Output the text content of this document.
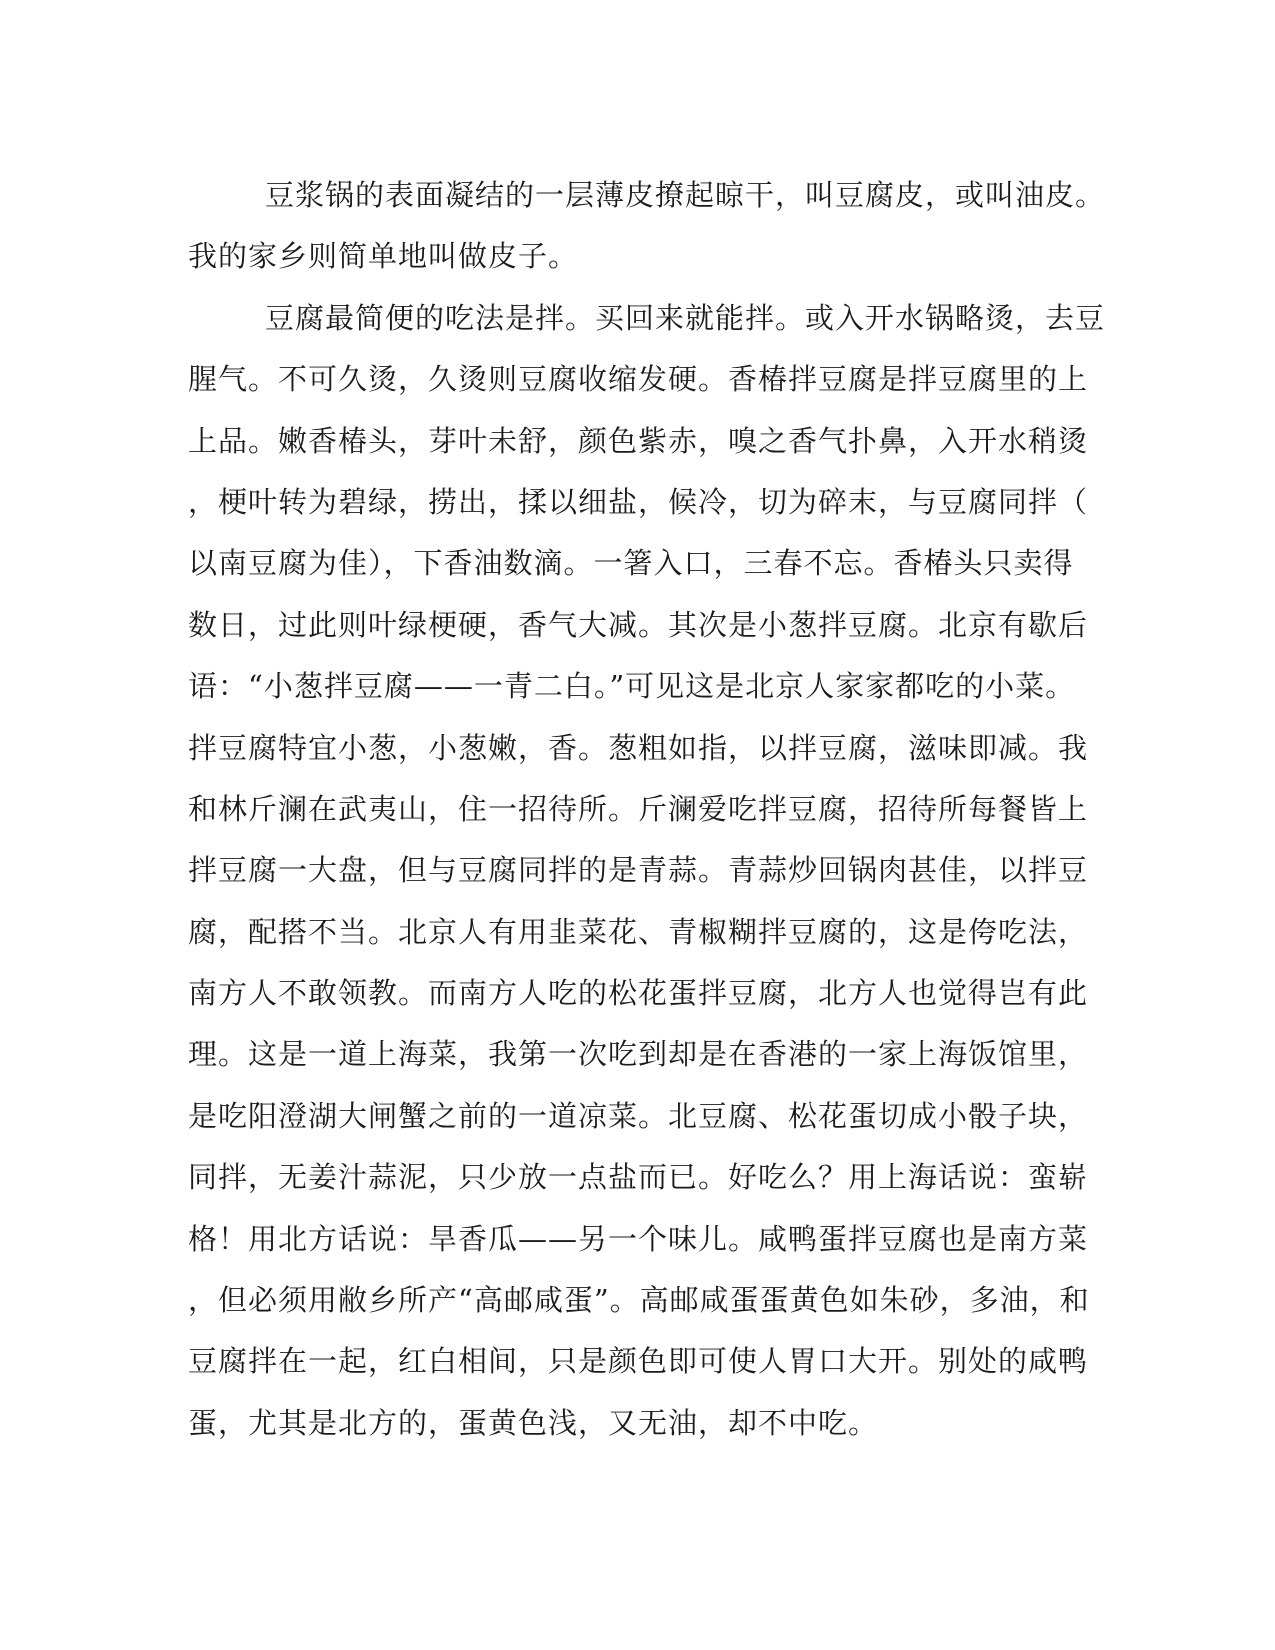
豆浆锅的表面凝结的一层薄皮撩起晾干，叫豆腐皮，或叫油皮。
我的家乡则简单地叫做皮子。
豆腐最简便的吃法是拌。买回来就能拌。或入开水锅略烫，去豆
腥气。不可久烫，久烫则豆腐收缩发硬。香椿拌豆腐是拌豆腐里的上
上品。嫩香椿头，芽叶未舒，颜色紫赤，嗅之香气扑鼻，入开水稍烫
，梗叶转为碧绿，捞出，揉以细盐，候冷，切为碎末，与豆腐同拌（
以南豆腐为佳），下香油数滴。一箸入口，三春不忘。香椿头只卖得
数日，过此则叶绿梗硬，香气大减。其次是小葱拌豆腐。北京有歇后
语：“小葱拌豆腐——一青二白。”可见这是北京人家家都吃的小菜。
拌豆腐特宜小葱，小葱嫩，香。葱粗如指，以拌豆腐，滋味即减。我
和林斤澜在武夷山，住一招待所。斤澜爱吃拌豆腐，招待所每餐皆上
拌豆腐一大盘，但与豆腐同拌的是青蒜。青蒜炒回锅肉甚佳，以拌豆
腐，配搭不当。北京人有用韭菜花、青椒糊拌豆腐的，这是侉吃法，
南方人不敢领教。而南方人吃的松花蛋拌豆腐，北方人也觉得岂有此
理。这是一道上海菜，我第一次吃到却是在香港的一家上海饭馆里，
是吃阳澄湖大闸蟹之前的一道凉菜。北豆腐、松花蛋切成小骰子块，
同拌，无姜汁蒜泥，只少放一点盐而已。好吃么？用上海话说：蛮崭
格！用北方话说：旱香瓜——另一个味儿。咸鸭蛋拌豆腐也是南方菜
，但必须用敝乡所产“高邮咸蛋”。高邮咸蛋蛋黄色如朱砂，多油，和
豆腐拌在一起，红白相间，只是颜色即可使人胃口大开。别处的咸鸭
蛋，尤其是北方的，蛋黄色浅，又无油，却不中吃。
